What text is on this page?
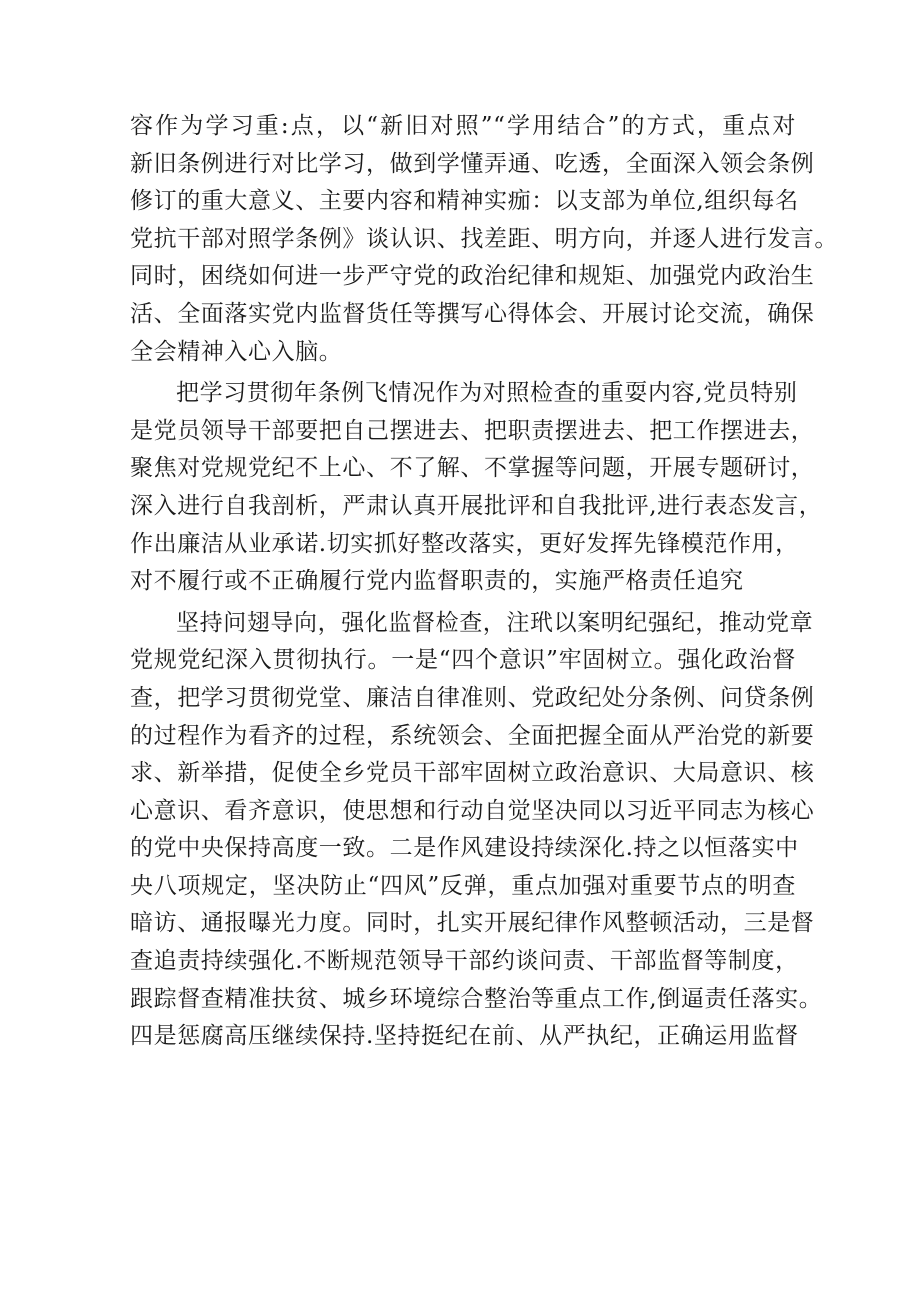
容作为学习重:点，以“新旧对照”“学用结合”的方式，重点对
新旧条例进行对比学习，做到学懂弄通、吃透，全面深入领会条例
修订的重大意义、主要内容和精神实痂：以支部为单位,组织每名
党抗干部对照学条例》谈认识、找差距、明方向，并逐人进行发言。
同时，困绕如何进一步严守党的政治纪律和规矩、加强党内政治生
活、全面落实党内监督货任等撰写心得体会、开展讨论交流，确保
全会精神入心入脑。
把学习贯彻年条例飞情况作为对照检查的重耍内容,党员特别
是党员领导干部要把自己摆进去、把职责摆进去、把工作摆进去，
聚焦对党规党纪不上心、不了解、不掌握等问题，开展专题研讨，
深入进行自我剖析，严肃认真开展批评和自我批评,进行表态发言，
作出廉洁从业承诺.切实抓好整改落实，更好发挥先锋模范作用，
对不履行或不正确履行党内监督职责的，实施严格责任追究
坚持问翅导向，强化监督检查，注玳以案明纪强纪，推动党章
党规党纪深入贯彻执行。一是“四个意识”牢固树立。强化政治督
查，把学习贯彻党堂、廉洁自律准则、党政纪处分条例、问贷条例
的过程作为看齐的过程，系统领会、全面把握全面从严治党的新要
求、新举措，促使全乡党员干部牢固树立政治意识、大局意识、核
心意识、看齐意识，使思想和行动自觉坚决同以习近平同志为核心
的党中央保持高度一致。二是作风建设持续深化.持之以恒落实中
央八项规定，坚决防止“四风”反弹，重点加强对重要节点的明查
暗访、通报曝光力度。同时，扎实开展纪律作风整顿活动，三是督
查追责持续强化.不断规范领导干部约谈问责、干部监督等制度，
跟踪督查精准扶贫、城乡环境综合整治等重点工作,倒逼责任落实。
四是惩腐高压继续保持.坚持挺纪在前、从严执纪，正确运用监督
